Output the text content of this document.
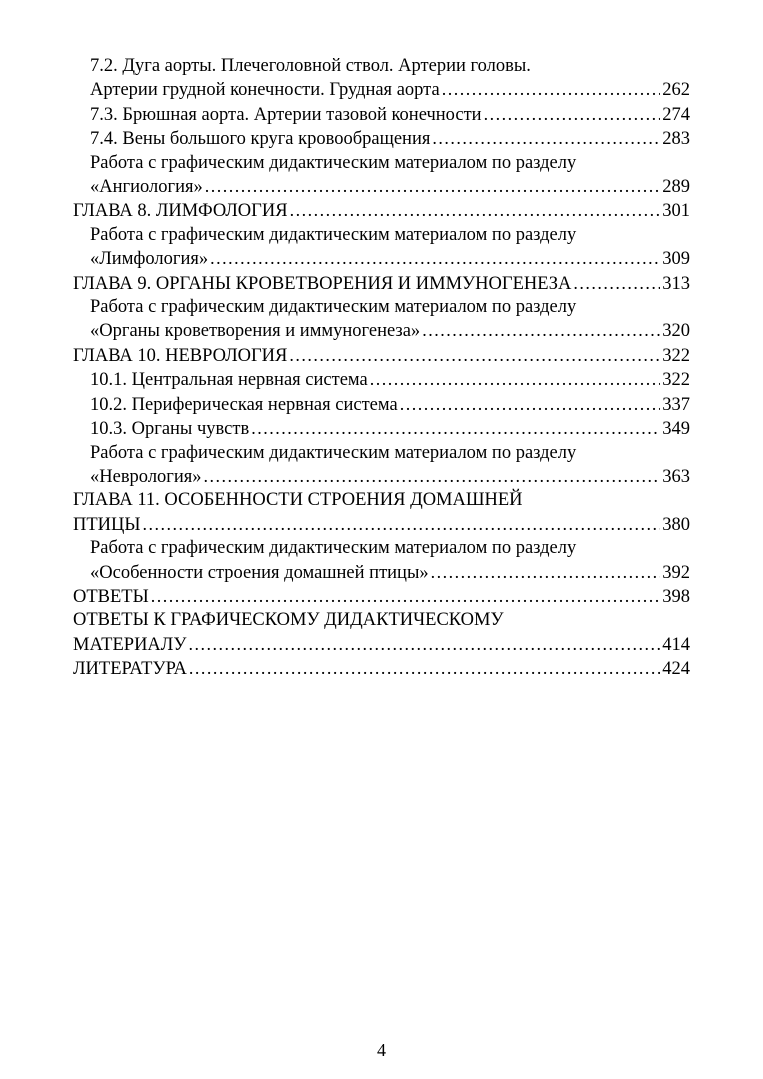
7.2. Дуга аорты. Плечеголовной ствол. Артерии головы.
Артерии грудной конечности. Грудная аорта .....	262
7.3. Брюшная аорта. Артерии тазовой конечности .....	274
7.4. Вены большого круга кровообращения .....	283
Работа с графическим дидактическим материалом по разделу
«Ангиология» .....	289
ГЛАВА 8. ЛИМФОЛОГИЯ .....	301
Работа с графическим дидактическим материалом по разделу
«Лимфология» .....	309
ГЛАВА 9. ОРГАНЫ КРОВЕТВОРЕНИЯ И ИММУНОГЕНЕЗА .....	313
Работа с графическим дидактическим материалом по разделу
«Органы кроветворения и иммуногенеза» .....	320
ГЛАВА 10. НЕВРОЛОГИЯ .....	322
10.1. Центральная нервная система .....	322
10.2. Периферическая нервная система .....	337
10.3. Органы чувств .....	349
Работа с графическим дидактическим материалом по разделу
«Неврология» .....	363
ГЛАВА 11. ОСОБЕННОСТИ СТРОЕНИЯ ДОМАШНЕЙ
ПТИЦЫ .....	380
Работа с графическим дидактическим материалом по разделу
«Особенности строения домашней птицы» .....	392
ОТВЕТЫ .....	398
ОТВЕТЫ К ГРАФИЧЕСКОМУ ДИДАКТИЧЕСКОМУ
МАТЕРИАЛУ .....	414
ЛИТЕРАТУРА .....	424
4
